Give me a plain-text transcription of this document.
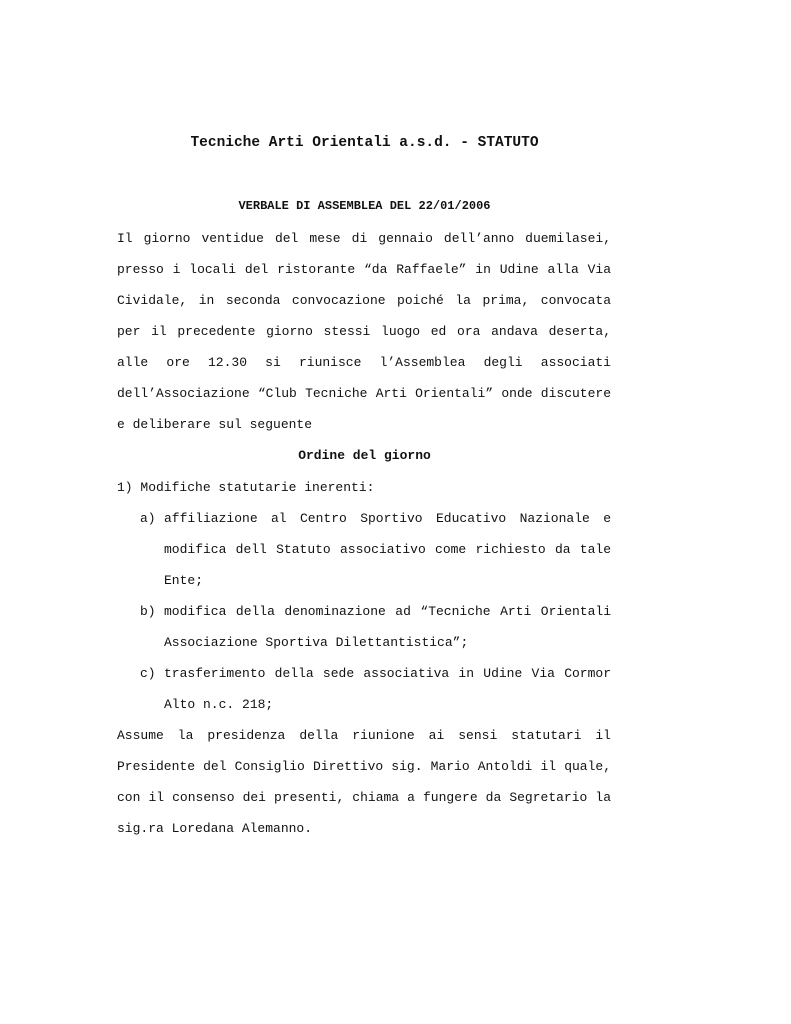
Tecniche Arti Orientali a.s.d. - STATUTO
VERBALE DI ASSEMBLEA DEL 22/01/2006
Il giorno ventidue del mese di gennaio dell’anno duemilasei,
presso i locali del ristorante “da Raffaele” in Udine alla Via
Cividale, in seconda convocazione poiché la prima, convocata
per il precedente giorno stessi luogo ed ora andava deserta,
alle ore 12.30 si riunisce l’Assemblea degli associati
dell’Associazione “Club Tecniche Arti Orientali” onde discutere
e deliberare sul seguente
Ordine del giorno
1) Modifiche statutarie inerenti:
a) affiliazione al Centro Sportivo Educativo Nazionale e
modifica dell Statuto associativo come richiesto da tale
Ente;
b) modifica della denominazione ad “Tecniche Arti Orientali
Associazione Sportiva Dilettantistica”;
c) trasferimento della sede associativa in Udine Via Cormor
Alto n.c. 218;
Assume la presidenza della riunione ai sensi statutari il
Presidente del Consiglio Direttivo sig. Mario Antoldi il quale,
con il consenso dei presenti, chiama a fungere da Segretario la
sig.ra Loredana Alemanno.
